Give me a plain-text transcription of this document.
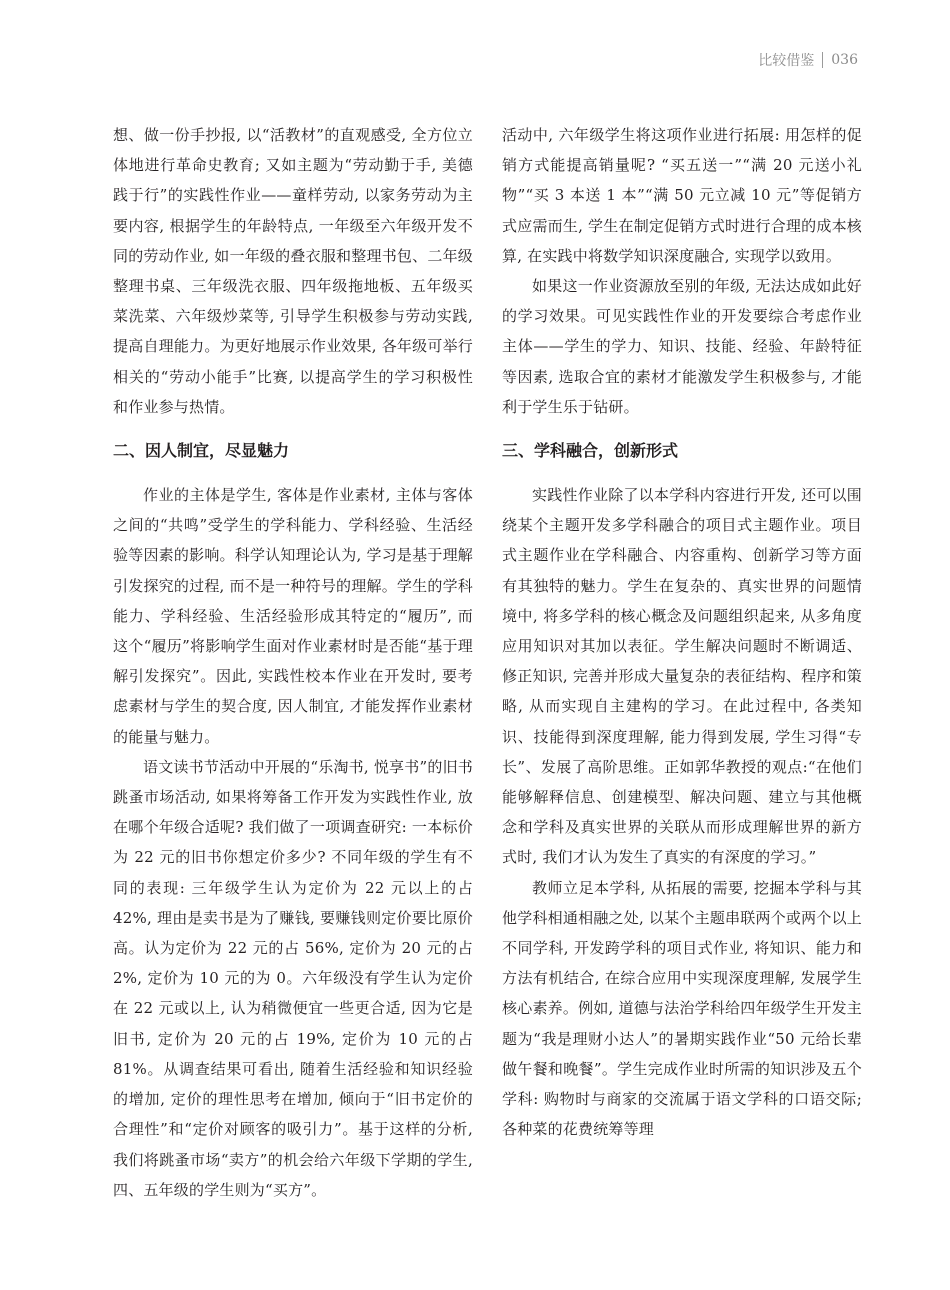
比较借鉴 036

想、做一份手抄报, 以“活教材”的直观感受, 全方位立体地进行革命史教育; 又如主题为“劳动勤于手, 美德践于行”的实践性作业——童样劳动, 以家务劳动为主要内容, 根据学生的年龄特点, 一年级至六年级开发不同的劳动作业, 如一年级的叠衣服和整理书包、二年级整理书桌、三年级洗衣服、四年级拖地板、五年级买菜洗菜、六年级炒菜等, 引导学生积极参与劳动实践, 提高自理能力。为更好地展示作业效果, 各年级可举行相关的“劳动小能手”比赛, 以提高学生的学习积极性和作业参与热情。

二、因人制宜，尽显魅力

作业的主体是学生, 客体是作业素材, 主体与客体之间的“共鸣”受学生的学科能力、学科经验、生活经验等因素的影响。科学认知理论认为, 学习是基于理解引发探究的过程, 而不是一种符号的理解。学生的学科能力、学科经验、生活经验形成其特定的“履历”, 而这个“履历”将影响学生面对作业素材时是否能“基于理解引发探究”。因此, 实践性校本作业在开发时, 要考虑素材与学生的契合度, 因人制宜, 才能发挥作业素材的能量与魅力。

语文读书节活动中开展的“乐淘书, 悦享书”的旧书跳蚤市场活动, 如果将筹备工作开发为实践性作业, 放在哪个年级合适呢? 我们做了一项调查研究: 一本标价为 22 元的旧书你想定价多少? 不同年级的学生有不同的表现: 三年级学生认为定价为 22 元以上的占 42%, 理由是卖书是为了赚钱, 要赚钱则定价要比原价高。认为定价为 22 元的占 56%, 定价为 20 元的占 2%, 定价为 10 元的为 0。六年级没有学生认为定价在 22 元或以上, 认为稍微便宜一些更合适, 因为它是旧书, 定价为 20 元的占 19%, 定价为 10 元的占 81%。从调查结果可看出, 随着生活经验和知识经验的增加, 定价的理性思考在增加, 倾向于“旧书定价的合理性”和“定价对顾客的吸引力”。基于这样的分析, 我们将跳蚤市场“卖方”的机会给六年级下学期的学生, 四、五年级的学生则为“买方”。

活动中, 六年级学生将这项作业进行拓展: 用怎样的促销方式能提高销量呢? “买五送一”“满 20 元送小礼物”“买 3 本送 1 本”“满 50 元立减 10 元”等促销方式应需而生, 学生在制定促销方式时进行合理的成本核算, 在实践中将数学知识深度融合, 实现学以致用。

如果这一作业资源放至别的年级, 无法达成如此好的学习效果。可见实践性作业的开发要综合考虑作业主体——学生的学力、知识、技能、经验、年龄特征等因素, 选取合宜的素材才能激发学生积极参与, 才能利于学生乐于钻研。

三、学科融合，创新形式

实践性作业除了以本学科内容进行开发, 还可以围绕某个主题开发多学科融合的项目式主题作业。项目式主题作业在学科融合、内容重构、创新学习等方面有其独特的魅力。学生在复杂的、真实世界的问题情境中, 将多学科的核心概念及问题组织起来, 从多角度应用知识对其加以表征。学生解决问题时不断调适、修正知识, 完善并形成大量复杂的表征结构、程序和策略, 从而实现自主建构的学习。在此过程中, 各类知识、技能得到深度理解, 能力得到发展, 学生习得“专长”、发展了高阶思维。正如郭华教授的观点:“在他们能够解释信息、创建模型、解决问题、建立与其他概念和学科及真实世界的关联从而形成理解世界的新方式时, 我们才认为发生了真实的有深度的学习。”

教师立足本学科, 从拓展的需要, 挖掘本学科与其他学科相通相融之处, 以某个主题串联两个或两个以上不同学科, 开发跨学科的项目式作业, 将知识、能力和方法有机结合, 在综合应用中实现深度理解, 发展学生核心素养。例如, 道德与法治学科给四年级学生开发主题为“我是理财小达人”的暑期实践作业“50 元给长辈做午餐和晚餐”。学生完成作业时所需的知识涉及五个学科: 购物时与商家的交流属于语文学科的口语交际; 各种菜的花费统筹等理
